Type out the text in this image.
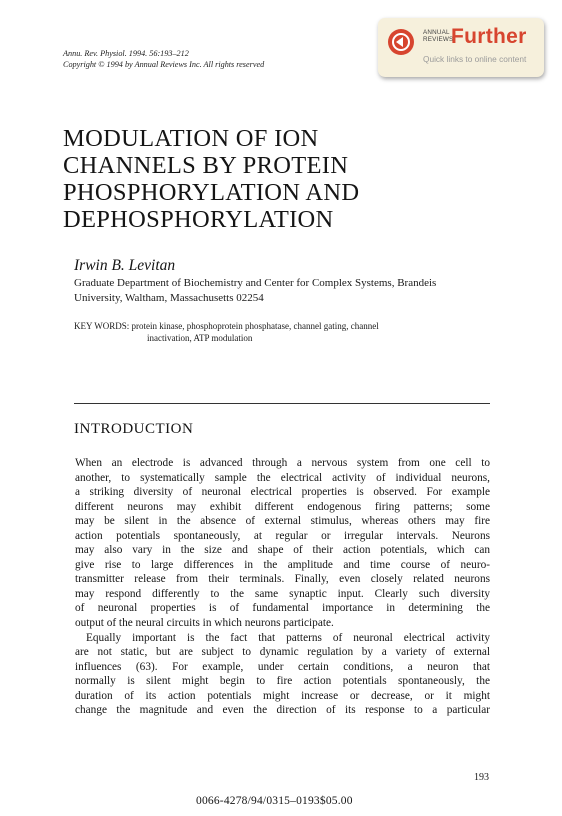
Annu. Rev. Physiol. 1994. 56:193–212
Copyright © 1994 by Annual Reviews Inc. All rights reserved
ANNUAL
REVIEWS
Further
Quick links to online content
MODULATION OF ION
CHANNELS BY PROTEIN
PHOSPHORYLATION AND
DEPHOSPHORYLATION
Irwin B. Levitan
Graduate Department of Biochemistry and Center for Complex Systems, Brandeis
University, Waltham, Massachusetts 02254
KEY WORDS: protein kinase, phosphoprotein phosphatase, channel gating, channel
inactivation, ATP modulation
INTRODUCTION
When an electrode is advanced through a nervous system from one cell to
another, to systematically sample the electrical activity of individual neurons,
a striking diversity of neuronal electrical properties is observed. For example
different neurons may exhibit different endogenous firing patterns; some
may be silent in the absence of external stimulus, whereas others may fire
action potentials spontaneously, at regular or irregular intervals. Neurons
may also vary in the size and shape of their action potentials, which can
give rise to large differences in the amplitude and time course of neuro-
transmitter release from their terminals. Finally, even closely related neurons
may respond differently to the same synaptic input. Clearly such diversity
of neuronal properties is of fundamental importance in determining the
output of the neural circuits in which neurons participate.
Equally important is the fact that patterns of neuronal electrical activity
are not static, but are subject to dynamic regulation by a variety of external
influences (63). For example, under certain conditions, a neuron that
normally is silent might begin to fire action potentials spontaneously, the
duration of its action potentials might increase or decrease, or it might
change the magnitude and even the direction of its response to a particular
193
0066-4278/94/0315–0193$05.00
